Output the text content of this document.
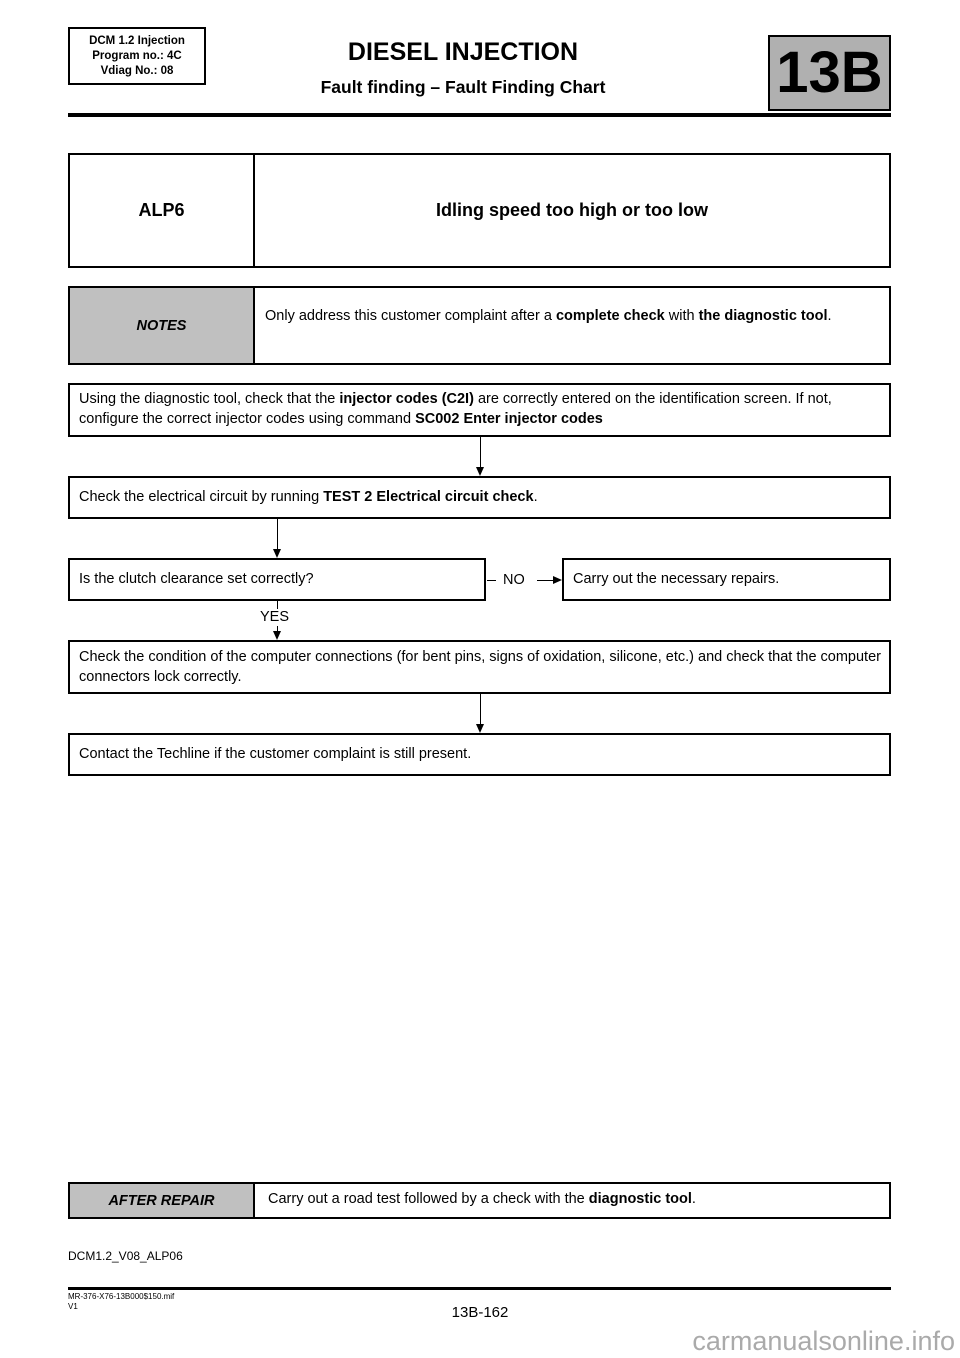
DCM 1.2 Injection
Program no.: 4C
Vdiag No.: 08
DIESEL INJECTION
Fault finding – Fault Finding Chart	13B
ALP6	Idling speed too high or too low
NOTES
Only address this customer complaint after a complete check with the diagnostic tool.
Using the diagnostic tool, check that the injector codes (C2I) are correctly entered on the identification screen. If not, configure the correct injector codes using command SC002 Enter injector codes
Check the electrical circuit by running TEST 2 Electrical circuit check.
Is the clutch clearance set correctly?	NO	Carry out the necessary repairs.
YES
Check the condition of the computer connections (for bent pins, signs of oxidation, silicone, etc.) and check that the computer connectors lock correctly.
Contact the Techline if the customer complaint is still present.
AFTER REPAIR	Carry out a road test followed by a check with the diagnostic tool.
DCM1.2_V08_ALP06
MR-376-X76-13B000$150.mif
V1	13B-162
carmanualsonline.info
